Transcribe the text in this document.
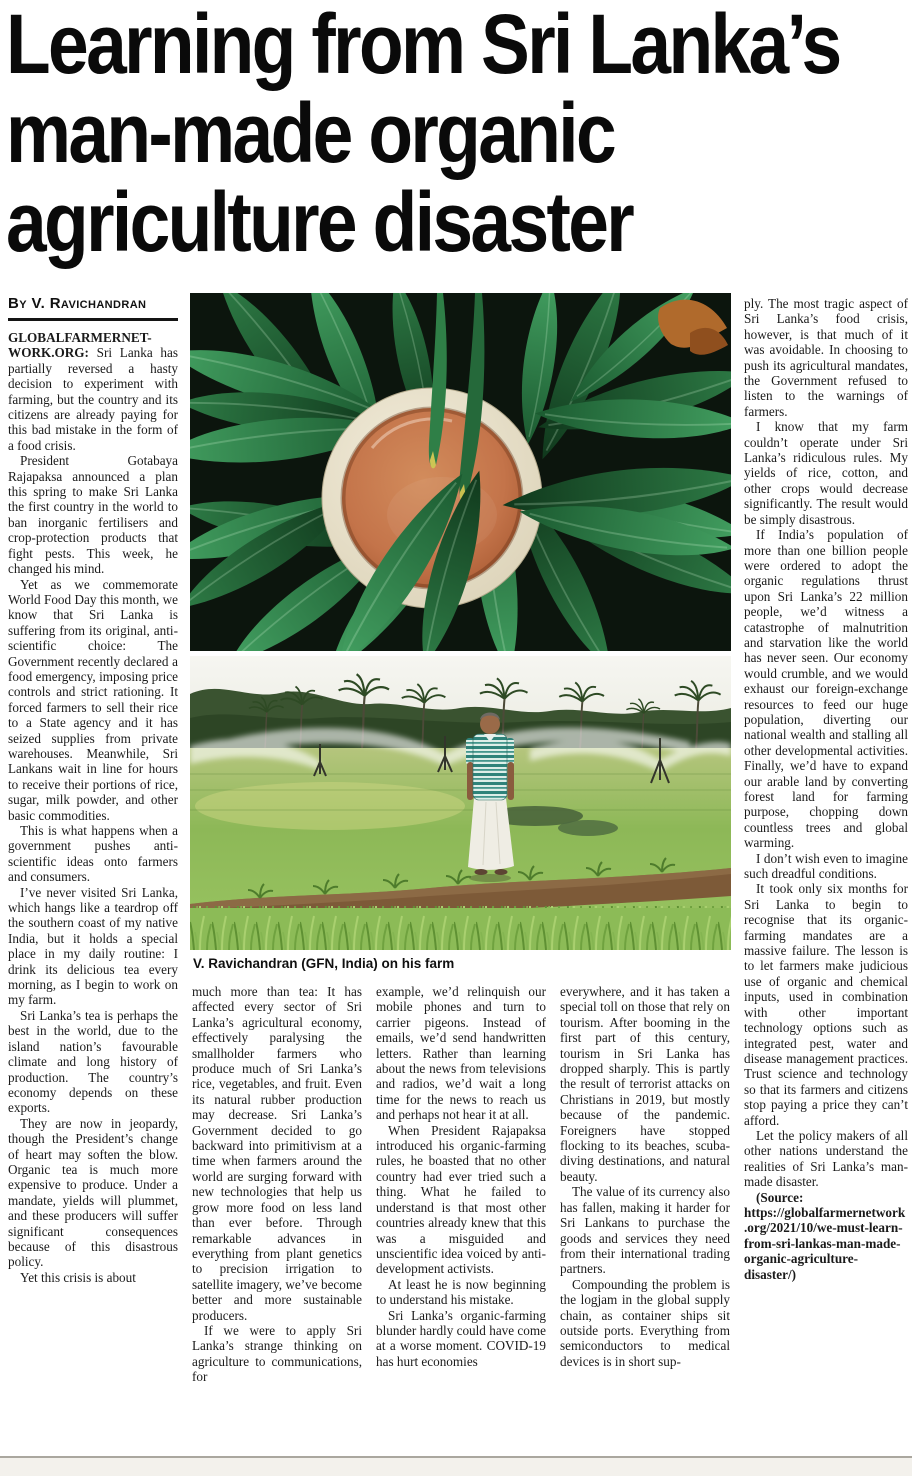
Learning from Sri Lanka’s
man-made organic
agriculture disaster
By V. Ravichandran

GLOBALFARMERNET-WORK.ORG: Sri Lanka has partially reversed a hasty decision to experiment with farming, but the country and its citizens are already paying for this bad mistake in the form of a food crisis.

President Gotabaya Rajapaksa announced a plan this spring to make Sri Lanka the first country in the world to ban inorganic fertilisers and crop-protection products that fight pests. This week, he changed his mind.

Yet as we commemorate World Food Day this month, we know that Sri Lanka is suffering from its original, anti-scientific choice: The Government recently declared a food emergency, imposing price controls and strict rationing. It forced farmers to sell their rice to a State agency and it has seized supplies from private warehouses. Meanwhile, Sri Lankans wait in line for hours to receive their portions of rice, sugar, milk powder, and other basic commodities.

This is what happens when a government pushes anti-scientific ideas onto farmers and consumers.

I’ve never visited Sri Lanka, which hangs like a teardrop off the southern coast of my native India, but it holds a special place in my daily routine: I drink its delicious tea every morning, as I begin to work on my farm.

Sri Lanka’s tea is perhaps the best in the world, due to the island nation’s favourable climate and long history of production. The country’s economy depends on these exports.

They are now in jeopardy, though the President’s change of heart may soften the blow. Organic tea is much more expensive to produce. Under a mandate, yields will plummet, and these producers will suffer significant consequences because of this disastrous policy.

Yet this crisis is about

much more than tea: It has affected every sector of Sri Lanka’s agricultural economy, effectively paralysing the smallholder farmers who produce much of Sri Lanka’s rice, vegetables, and fruit. Even its natural rubber production may decrease. Sri Lanka’s Government decided to go backward into primitivism at a time when farmers around the world are surging forward with new technologies that help us grow more food on less land than ever before. Through remarkable advances in everything from plant genetics to precision irrigation to satellite imagery, we’ve become better and more sustainable producers.

If we were to apply Sri Lanka’s strange thinking on agriculture to communications, for

example, we’d relinquish our mobile phones and turn to carrier pigeons. Instead of emails, we’d send handwritten letters. Rather than learning about the news from televisions and radios, we’d wait a long time for the news to reach us and perhaps not hear it at all.

When President Rajapaksa introduced his organic-farming rules, he boasted that no other country had ever tried such a thing. What he failed to understand is that most other countries already knew that this was a misguided and unscientific idea voiced by anti-development activists.

At least he is now beginning to understand his mistake.

Sri Lanka’s organic-farming blunder hardly could have come at a worse moment. COVID-19 has hurt economies

everywhere, and it has taken a special toll on those that rely on tourism. After booming in the first part of this century, tourism in Sri Lanka has dropped sharply. This is partly the result of terrorist attacks on Christians in 2019, but mostly because of the pandemic. Foreigners have stopped flocking to its beaches, scuba-diving destinations, and natural beauty.

The value of its currency also has fallen, making it harder for Sri Lankans to purchase the goods and services they need from their international trading partners.

Compounding the problem is the logjam in the global supply chain, as container ships sit outside ports. Everything from semiconductors to medical devices is in short sup-

ply. The most tragic aspect of Sri Lanka’s food crisis, however, is that much of it was avoidable. In choosing to push its agricultural mandates, the Government refused to listen to the warnings of farmers.

I know that my farm couldn’t operate under Sri Lanka’s ridiculous rules. My yields of rice, cotton, and other crops would decrease significantly. The result would be simply disastrous.

If India’s population of more than one billion people were ordered to adopt the organic regulations thrust upon Sri Lanka’s 22 million people, we’d witness a catastrophe of malnutrition and starvation like the world has never seen. Our economy would crumble, and we would exhaust our foreign-exchange resources to feed our huge population, diverting our national wealth and stalling all other developmental activities. Finally, we’d have to expand our arable land by converting forest land for farming purpose, chopping down countless trees and global warming.

I don’t wish even to imagine such dreadful conditions.

It took only six months for Sri Lanka to begin to recognise that its organic-farming mandates are a massive failure. The lesson is to let farmers make judicious use of organic and chemical inputs, used in combination with other important technology options such as integrated pest, water and disease management practices. Trust science and technology so that its farmers and citizens stop paying a price they can’t afford.

Let the policy makers of all other nations understand the realities of Sri Lanka’s man-made disaster.

(Source: https://globalfarmernetwork.org/2021/10/we-must-learn-from-sri-lankas-man-made-organic-agriculture-disaster/)

V. Ravichandran (GFN, India) on his farm
